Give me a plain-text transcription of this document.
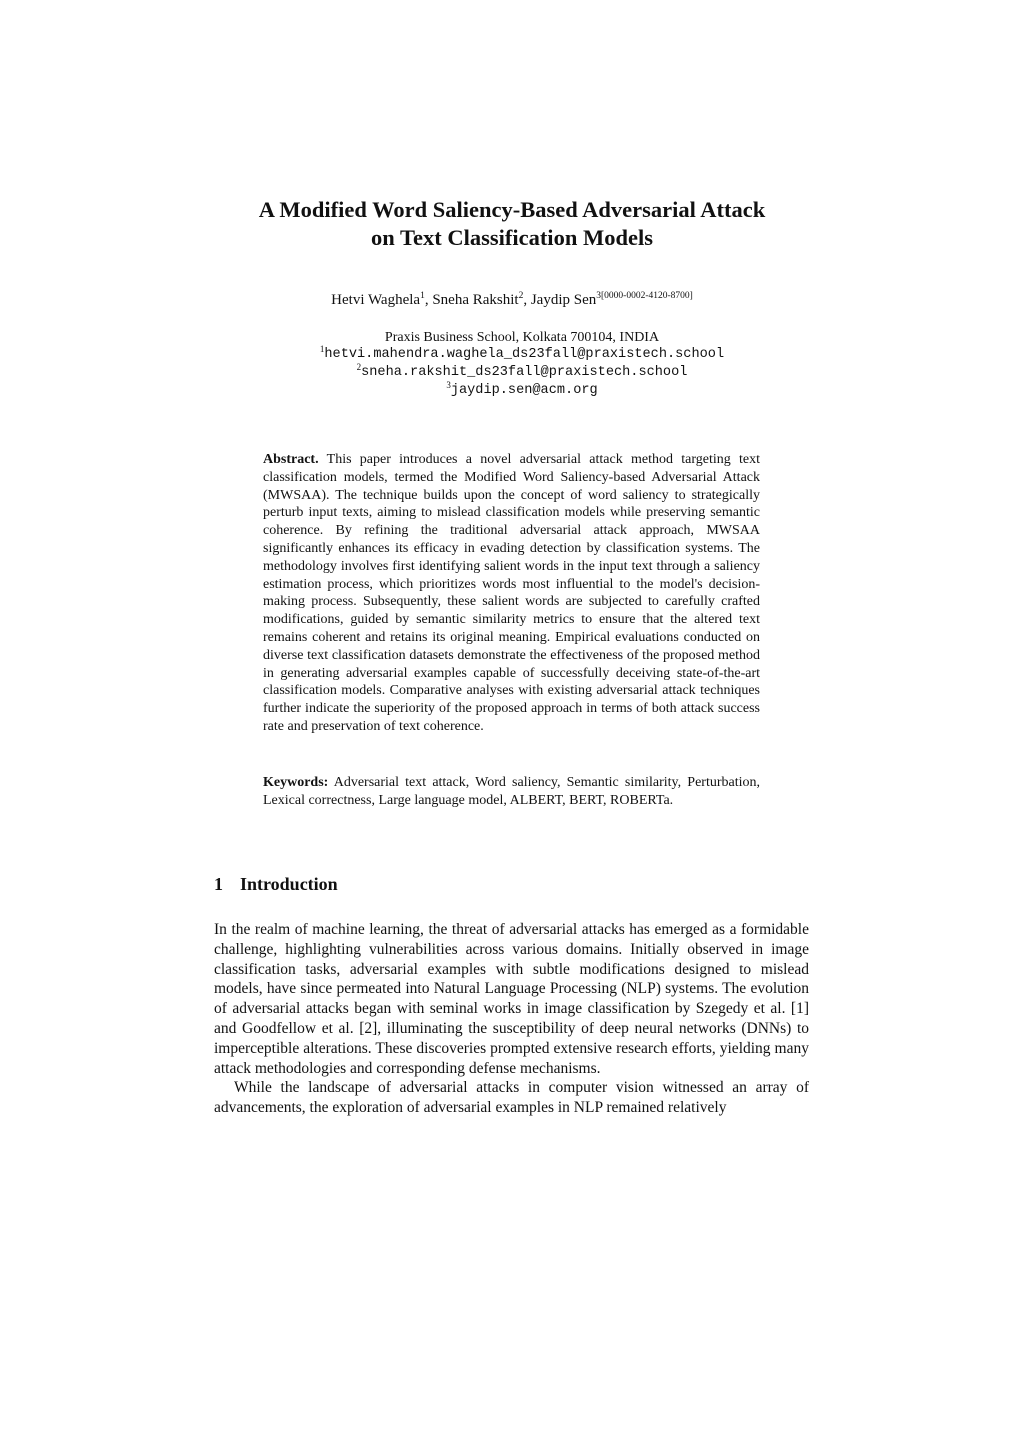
A Modified Word Saliency-Based Adversarial Attack
on Text Classification Models
Hetvi Waghela$^1$, Sneha Rakshit$^2$, Jaydip Sen$^{3[0000-0002-4120-8700]}$
Praxis Business School, Kolkata 700104, INDIA
$^1$hetvi.mahendra.waghela_ds23fall@praxistech.school
$^2$sneha.rakshit_ds23fall@praxistech.school
$^3$jaydip.sen@acm.org
Abstract. This paper introduces a novel adversarial attack method targeting text classification models, termed the Modified Word Saliency-based Adversarial Attack (MWSAA). The technique builds upon the concept of word saliency to strategically perturb input texts, aiming to mislead classification models while preserving semantic coherence. By refining the traditional adversarial attack approach, MWSAA significantly enhances its efficacy in evading detection by classification systems. The methodology involves first identifying salient words in the input text through a saliency estimation process, which prioritizes words most influential to the model's decision-making process. Subsequently, these salient words are subjected to carefully crafted modifications, guided by semantic similarity metrics to ensure that the altered text remains coherent and retains its original meaning. Empirical evaluations conducted on diverse text classification datasets demonstrate the effectiveness of the proposed method in generating adversarial examples capable of successfully deceiving state-of-the-art classification models. Comparative analyses with existing adversarial attack techniques further indicate the superiority of the proposed approach in terms of both attack success rate and preservation of text coherence.
Keywords: Adversarial text attack, Word saliency, Semantic similarity, Perturbation, Lexical correctness, Large language model, ALBERT, BERT, ROBERTa.
1 Introduction

In the realm of machine learning, the threat of adversarial attacks has emerged as a formidable challenge, highlighting vulnerabilities across various domains. Initially observed in image classification tasks, adversarial examples with subtle modifications designed to mislead models, have since permeated into Natural Language Processing (NLP) systems. The evolution of adversarial attacks began with seminal works in image classification by Szegedy et al. [1] and Goodfellow et al. [2], illuminating the susceptibility of deep neural networks (DNNs) to imperceptible alterations. These discoveries prompted extensive research efforts, yielding many attack methodologies and corresponding defense mechanisms.

While the landscape of adversarial attacks in computer vision witnessed an array of advancements, the exploration of adversarial examples in NLP remained relatively
